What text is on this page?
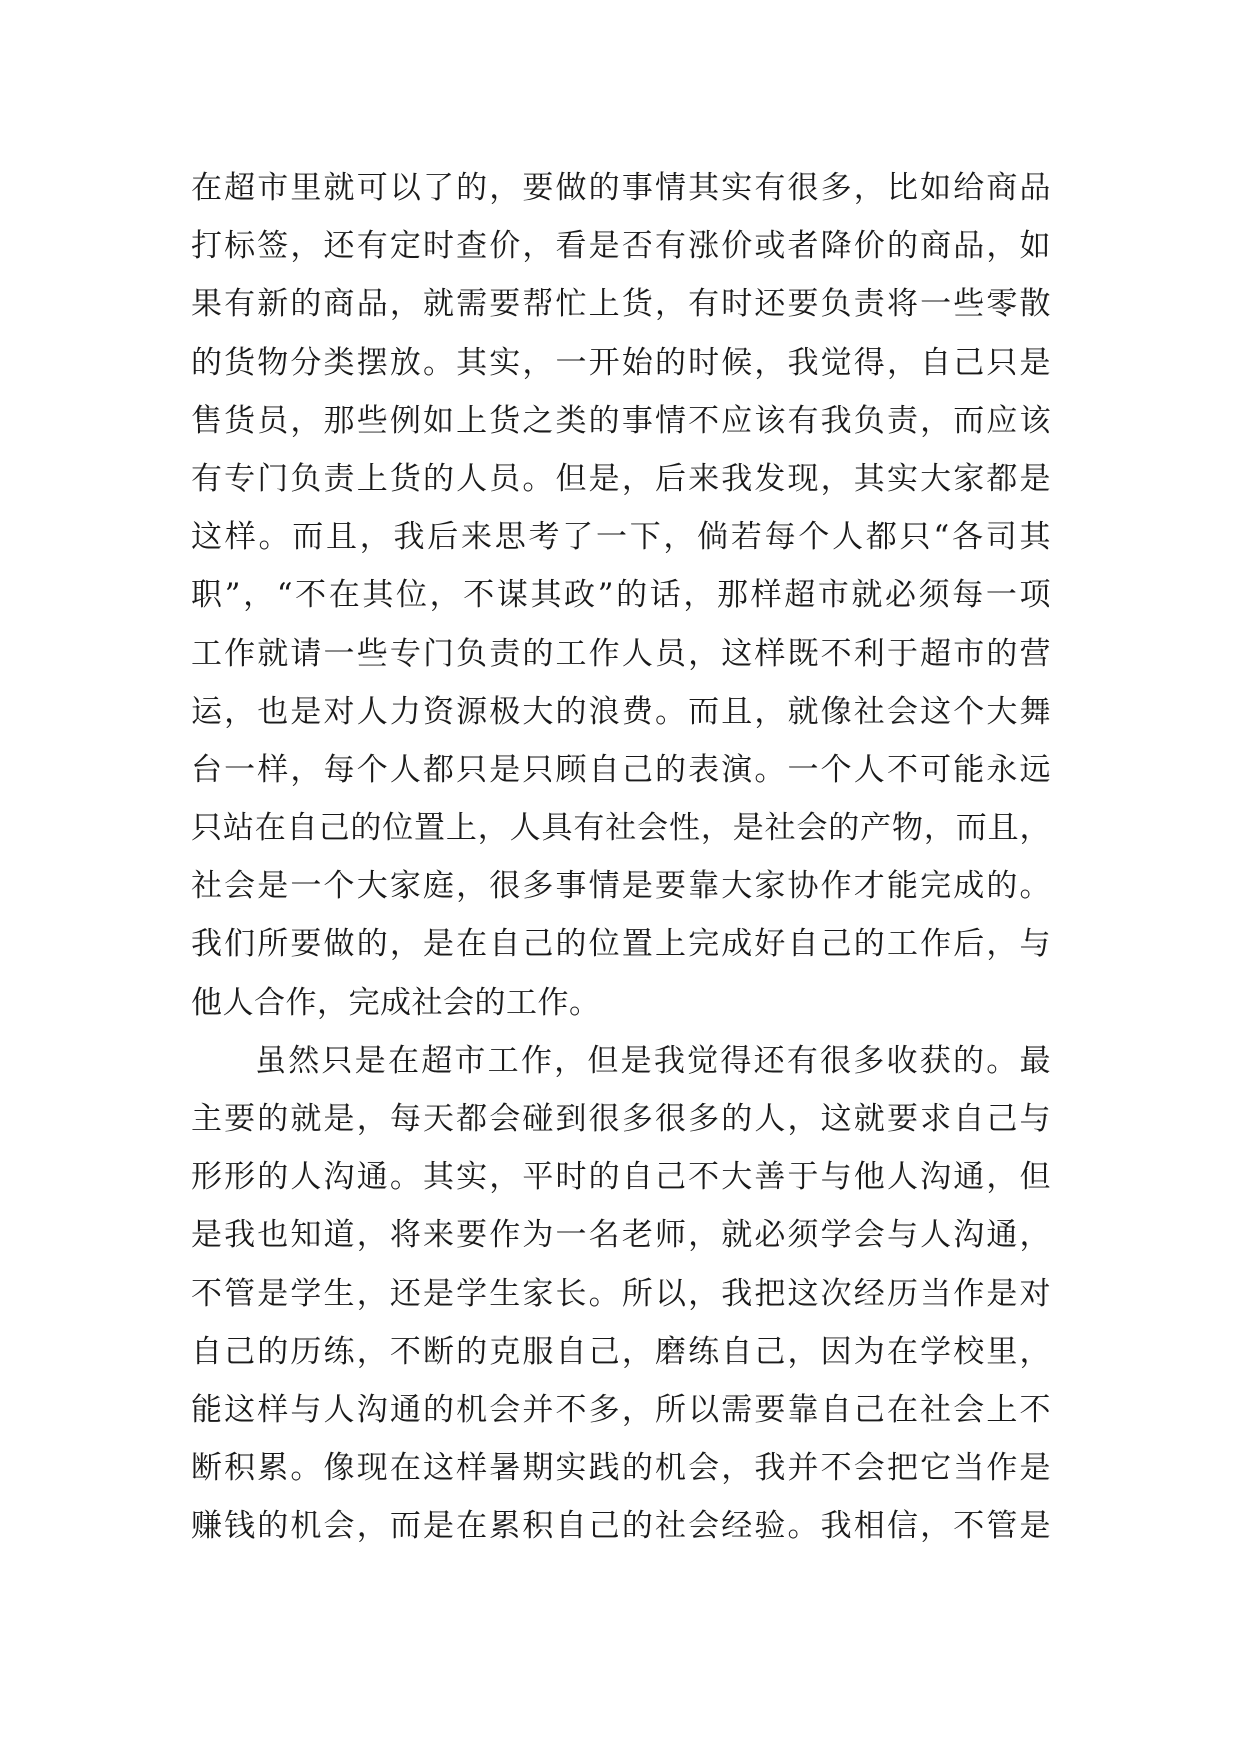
在超市里就可以了的，要做的事情其实有很多，比如给商品
打标签，还有定时查价，看是否有涨价或者降价的商品，如
果有新的商品，就需要帮忙上货，有时还要负责将一些零散
的货物分类摆放。其实，一开始的时候，我觉得，自己只是
售货员，那些例如上货之类的事情不应该有我负责，而应该
有专门负责上货的人员。但是，后来我发现，其实大家都是
这样。而且，我后来思考了一下，倘若每个人都只“各司其
职”，“不在其位，不谋其政”的话，那样超市就必须每一项
工作就请一些专门负责的工作人员，这样既不利于超市的营
运，也是对人力资源极大的浪费。而且，就像社会这个大舞
台一样，每个人都只是只顾自己的表演。一个人不可能永远
只站在自己的位置上，人具有社会性，是社会的产物，而且，
社会是一个大家庭，很多事情是要靠大家协作才能完成的。
我们所要做的，是在自己的位置上完成好自己的工作后，与
他人合作，完成社会的工作。
虽然只是在超市工作，但是我觉得还有很多收获的。最
主要的就是，每天都会碰到很多很多的人，这就要求自己与
形形的人沟通。其实，平时的自己不大善于与他人沟通，但
是我也知道，将来要作为一名老师，就必须学会与人沟通，
不管是学生，还是学生家长。所以，我把这次经历当作是对
自己的历练，不断的克服自己，磨练自己，因为在学校里，
能这样与人沟通的机会并不多，所以需要靠自己在社会上不
断积累。像现在这样暑期实践的机会，我并不会把它当作是
赚钱的机会，而是在累积自己的社会经验。我相信，不管是
